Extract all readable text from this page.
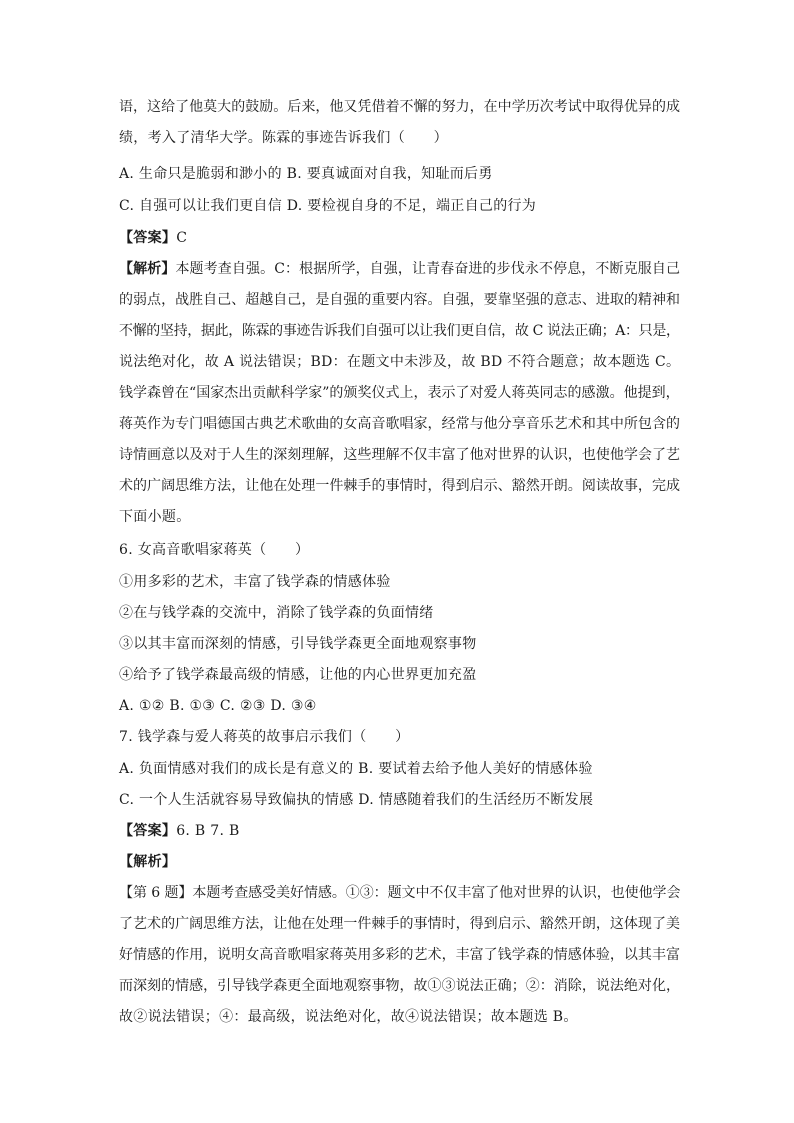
语，这给了他莫大的鼓励。后来，他又凭借着不懈的努力，在中学历次考试中取得优异的成
绩，考入了清华大学。陈霖的事迹告诉我们（　　）
A. 生命只是脆弱和渺小的 B. 要真诚面对自我，知耻而后勇
C. 自强可以让我们更自信 D. 要检视自身的不足，端正自己的行为
【答案】C
【解析】本题考查自强。C：根据所学，自强，让青春奋进的步伐永不停息，不断克服自己
的弱点，战胜自己、超越自己，是自强的重要内容。自强，要靠坚强的意志、进取的精神和
不懈的坚持，据此，陈霖的事迹告诉我们自强可以让我们更自信，故 C 说法正确；A：只是，
说法绝对化，故 A 说法错误；BD：在题文中未涉及，故 BD 不符合题意；故本题选 C。
钱学森曾在“国家杰出贡献科学家”的颁奖仪式上，表示了对爱人蒋英同志的感激。他提到，
蒋英作为专门唱德国古典艺术歌曲的女高音歌唱家，经常与他分享音乐艺术和其中所包含的
诗情画意以及对于人生的深刻理解，这些理解不仅丰富了他对世界的认识，也使他学会了艺
术的广阔思维方法，让他在处理一件棘手的事情时，得到启示、豁然开朗。阅读故事，完成
下面小题。
6. 女高音歌唱家蒋英（　　）
①用多彩的艺术，丰富了钱学森的情感体验
②在与钱学森的交流中，消除了钱学森的负面情绪
③以其丰富而深刻的情感，引导钱学森更全面地观察事物
④给予了钱学森最高级的情感，让他的内心世界更加充盈
A. ①② B. ①③ C. ②③ D. ③④
7. 钱学森与爱人蒋英的故事启示我们（　　）
A. 负面情感对我们的成长是有意义的 B. 要试着去给予他人美好的情感体验
C. 一个人生活就容易导致偏执的情感 D. 情感随着我们的生活经历不断发展
【答案】6. B 7. B
【解析】
【第 6 题】本题考查感受美好情感。①③：题文中不仅丰富了他对世界的认识，也使他学会
了艺术的广阔思维方法，让他在处理一件棘手的事情时，得到启示、豁然开朗，这体现了美
好情感的作用，说明女高音歌唱家蒋英用多彩的艺术，丰富了钱学森的情感体验，以其丰富
而深刻的情感，引导钱学森更全面地观察事物，故①③说法正确；②：消除，说法绝对化，
故②说法错误；④：最高级，说法绝对化，故④说法错误；故本题选 B。
